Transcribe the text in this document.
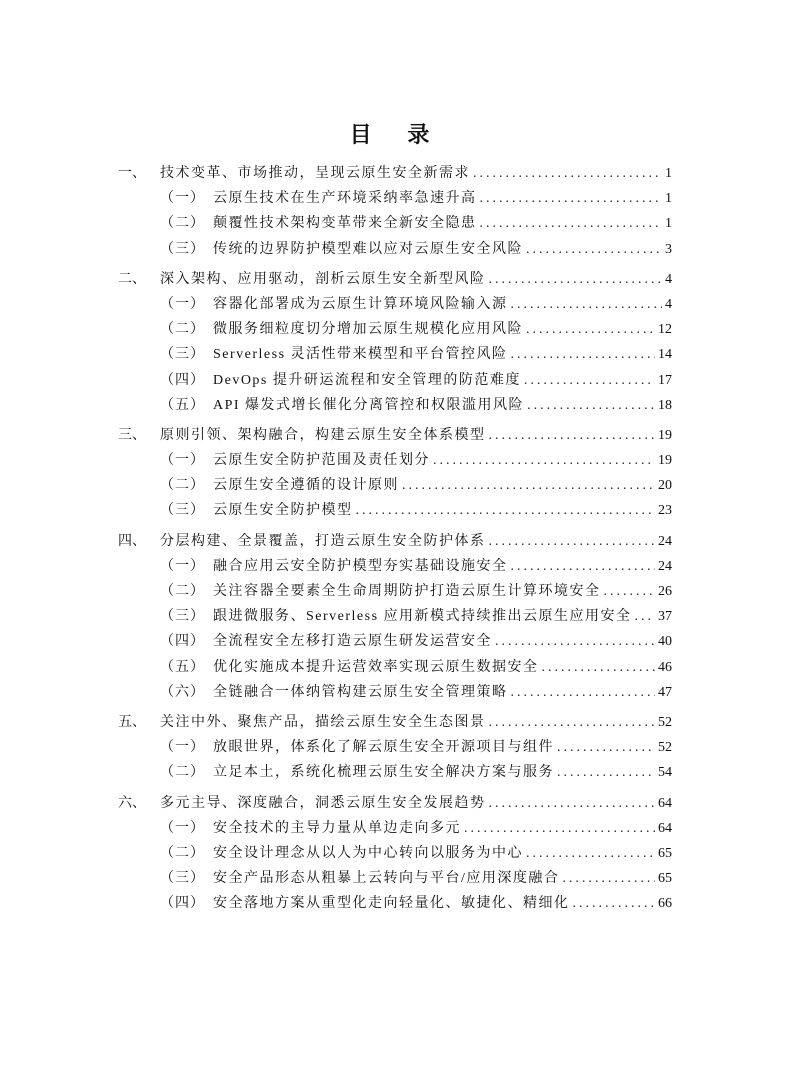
目 录
一、	技术变革、市场推动，呈现云原生安全新需求 .....	1
（一） 云原生技术在生产环境采纳率急速升高 .....	1
（二） 颠覆性技术架构变革带来全新安全隐患 .....	1
（三） 传统的边界防护模型难以应对云原生安全风险 .....	3
二、	深入架构、应用驱动，剖析云原生安全新型风险 .....	4
（一） 容器化部署成为云原生计算环境风险输入源 .....	4
（二） 微服务细粒度切分增加云原生规模化应用风险 .....	12
（三） Serverless 灵活性带来模型和平台管控风险 .....	14
（四） DevOps 提升研运流程和安全管理的防范难度 .....	17
（五） API 爆发式增长催化分离管控和权限滥用风险 .....	18
三、	原则引领、架构融合，构建云原生安全体系模型 .....	19
（一） 云原生安全防护范围及责任划分 .....	19
（二） 云原生安全遵循的设计原则 .....	20
（三） 云原生安全防护模型 .....	23
四、	分层构建、全景覆盖，打造云原生安全防护体系 .....	24
（一） 融合应用云安全防护模型夯实基础设施安全 .....	24
（二） 关注容器全要素全生命周期防护打造云原生计算环境安全 .....	26
（三） 跟进微服务、Serverless 应用新模式持续推出云原生应用安全 ..... 37
（四） 全流程安全左移打造云原生研发运营安全 .....	40
（五） 优化实施成本提升运营效率实现云原生数据安全 .....	46
（六） 全链融合一体纳管构建云原生安全管理策略 .....	47
五、	关注中外、聚焦产品，描绘云原生安全生态图景 .....	52
（一） 放眼世界，体系化了解云原生安全开源项目与组件 .....	52
（二） 立足本土，系统化梳理云原生安全解决方案与服务 .....	54
六、	多元主导、深度融合，洞悉云原生安全发展趋势 .....	64
（一） 安全技术的主导力量从单边走向多元 .....	64
（二） 安全设计理念从以人为中心转向以服务为中心 .....	65
（三） 安全产品形态从粗暴上云转向与平台/应用深度融合 .....	65
（四） 安全落地方案从重型化走向轻量化、敏捷化、精细化 .....	66
